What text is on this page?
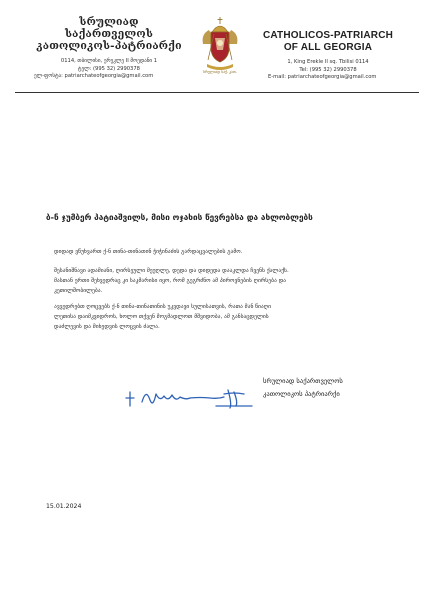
სრულიად საქართველოს
კათოლიკოს-პატრიარქი
0114, თბილისი, ერეკლე II მოედანი 1
ტელ: (995 32) 2990378
ელ-ფოსტა: patriarchateofgeorgia@gmail.com
სრულიად საქ. კათ.
CATHOLICOS-PATRIARCH
OF ALL GEORGIA
1, King Erekle II sq. Tbilisi 0114
Tel: (995 32) 2990378
E-mail: patriarchateofgeorgia@gmail.com
ბ-ნ ჯუმბერ პატიაშვილს, მისი ოჯახის წევრებსა და ახლობლებს
დიდად ვწუხვართ ქ-ნ თინა-თინათინ ჭიჭინაძის გარდაცვალების გამო.
შესანიშნავი ადამიანი, ღირსეული მეუღლე, დედა და დიდედა დააკლდა ჩვენს ქალაქს.
მასთან ერთი შეხვედრაც კი საკმარისი იყო, რომ გეგრძნო ამ პიროვნების ღირსება და
კეთილშობილება.
ავვედრებთ ღოცვებს ქ-ნ თინა-თინათინის უკვდავი სულისათვის, რათა მან წიაღი
ლეთისა დაიმკვიდროს, ხოლო თქვენ მოგმადლოთ მშვიდობა, ამ განსაცდელის
დაძლევის და მიხედვის ლოცვის ძალა.
სრულიად საქართველოს
კათოლიკოს პატრიარქი
15.01.2024
